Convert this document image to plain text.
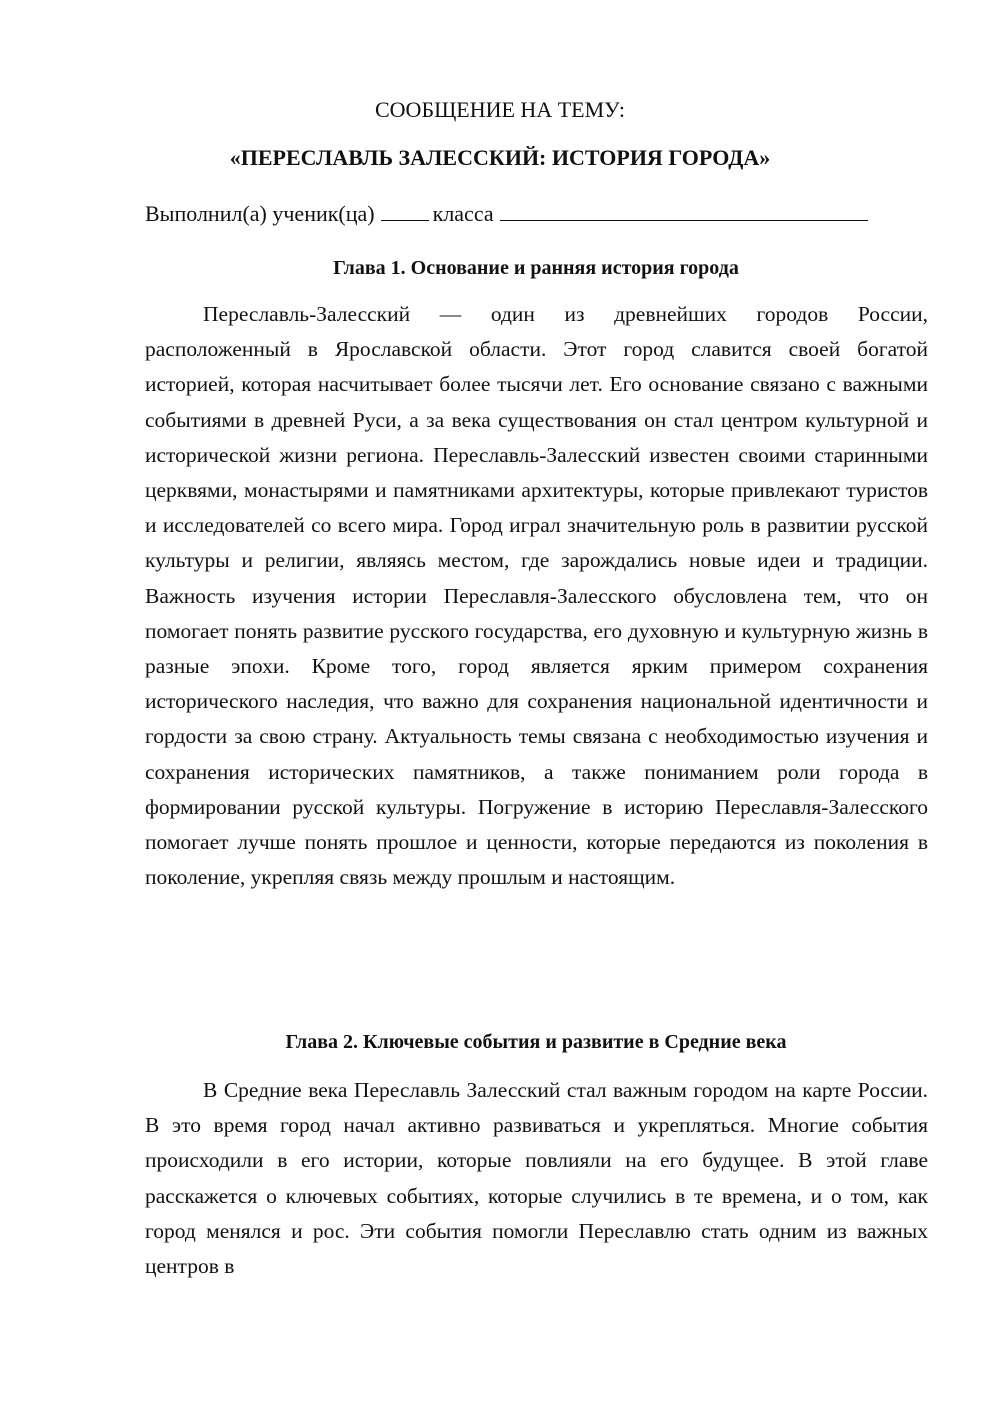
СООБЩЕНИЕ НА ТЕМУ:
«ПЕРЕСЛАВЛЬ ЗАЛЕССКИЙ: ИСТОРИЯ ГОРОДА»
Выполнил(а) ученик(ца)	класса
Глава 1. Основание и ранняя история города

Переславль-Залесский — один из древнейших городов России, расположенный в Ярославской области. Этот город славится своей богатой историей, которая насчитывает более тысячи лет. Его основание связано с важными событиями в древней Руси, а за века существования он стал центром культурной и исторической жизни региона. Переславль-Залесский известен своими старинными церквями, монастырями и памятниками архитектуры, которые привлекают туристов и исследователей со всего мира. Город играл значительную роль в развитии русской культуры и религии, являясь местом, где зарождались новые идеи и традиции. Важность изучения истории Переславля-Залесского обусловлена тем, что он помогает понять развитие русского государства, его духовную и культурную жизнь в разные эпохи. Кроме того, город является ярким примером сохранения исторического наследия, что важно для сохранения национальной идентичности и гордости за свою страну. Актуальность темы связана с необходимостью изучения и сохранения исторических памятников, а также пониманием роли города в формировании русской культуры. Погружение в историю Переславля-Залесского помогает лучше понять прошлое и ценности, которые передаются из поколения в поколение, укрепляя связь между прошлым и настоящим.

Глава 2. Ключевые события и развитие в Средние века

В Средние века Переславль Залесский стал важным городом на карте России. В это время город начал активно развиваться и укрепляться. Многие события происходили в его истории, которые повлияли на его будущее. В этой главе расскажется о ключевых событиях, которые случились в те времена, и о том, как город менялся и рос. Эти события помогли Переславлю стать одним из важных центров в
